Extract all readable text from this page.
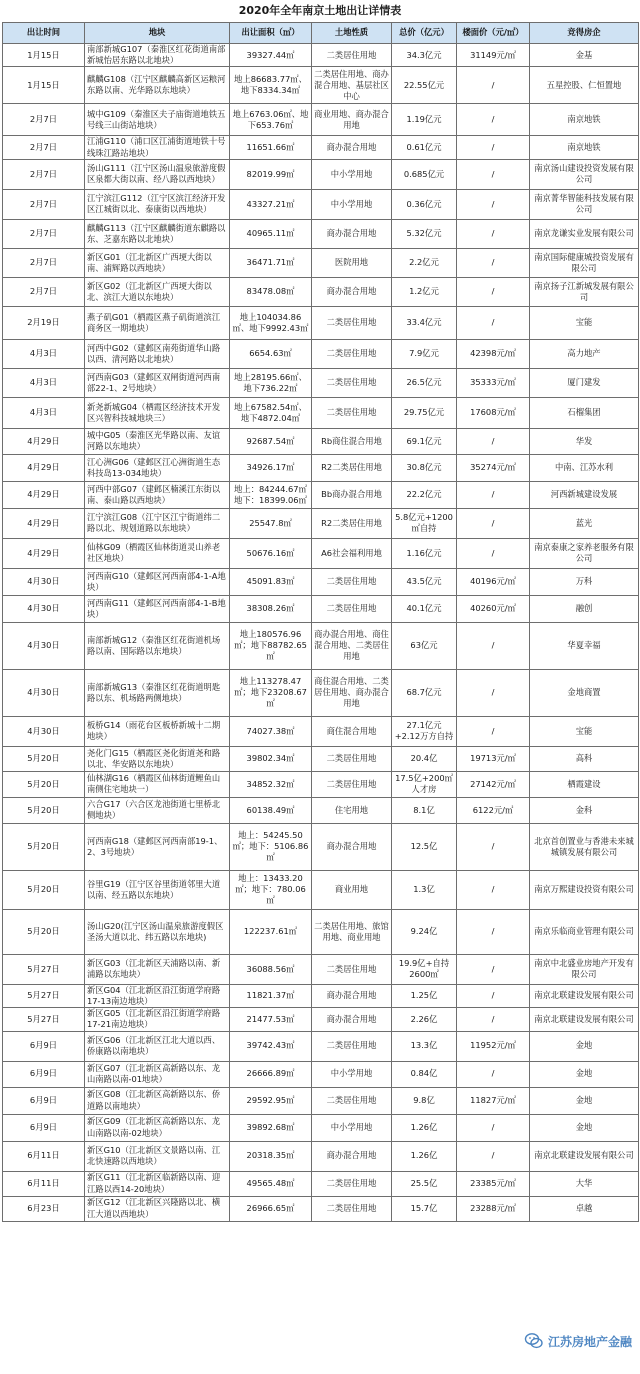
2020年全年南京土地出让详情表
出让时间	地块	出让面积（㎡）	土地性质	总价（亿元）	楼面价（元/㎡）	竞得房企
1月15日	南部新城G107（秦淮区红花街道南部新城怡居东路以北地块）	39327.44㎡	二类居住用地	34.3亿元	31149元/㎡	金基
1月15日	麒麟G108（江宁区麒麟高新区运粮河东路以南、光华路以东地块）	地上86683.77㎡、地下8334.34㎡	二类居住用地、商办混合用地、基层社区中心	22.55亿元	/	五星控股、仁恒置地
2月7日	城中G109（秦淮区夫子庙街道地铁五号线三山街站地块）	地上6763.06㎡、地下653.76㎡	商业用地、商办混合用地	1.19亿元	/	南京地铁
2月7日	江浦G110（浦口区江浦街道地铁十号线珠江路站地块）	11651.66㎡	商办混合用地	0.61亿元	/	南京地铁
2月7日	汤山G111（江宁区汤山温泉旅游度假区泉都大街以南、经八路以西地块）	82019.99㎡	中小学用地	0.685亿元	/	南京汤山建设投资发展有限公司
2月7日	江宁滨江G112（江宁区滨江经济开发区江城街以北、泰康街以西地块）	43327.21㎡	中小学用地	0.36亿元	/	南京菁华智能科技发展有限公司
2月7日	麒麟G113（江宁区麒麟街道东麒路以东、芝嘉东路以北地块）	40965.11㎡	商办混合用地	5.32亿元	/	南京龙谦实业发展有限公司
2月7日	新区G01（江北新区广西埂大街以南、浦辉路以西地块）	36471.71㎡	医院用地	2.2亿元	/	南京国际健康城投资发展有限公司
2月7日	新区G02（江北新区广西埂大街以北、滨江大道以东地块）	83478.08㎡	商办混合用地	1.2亿元	/	南京扬子江新城发展有限公司
2月19日	燕子矶G01（栖霞区燕子矶街道滨江商务区一期地块）	地上104034.86㎡、地下9992.43㎡	二类居住用地	33.4亿元	/	宝能
4月3日	河西中G02（建邺区南苑街道华山路以西、清河路以北地块）	6654.63㎡	二类居住用地	7.9亿元	42398元/㎡	高力地产
4月3日	河西南G03（建邺区双闸街道河西南部22-1、2号地块）	地上28195.66㎡、地下736.22㎡	二类居住用地	26.5亿元	35333元/㎡	厦门建发
4月3日	新尧新城G04（栖霞区经济技术开发区兴智科技城地块三）	地上67582.54㎡、地下4872.04㎡	二类居住用地	29.75亿元	17608元/㎡	石榴集团
4月29日	城中G05（秦淮区光华路以南、友谊河路以东地块）	92687.54㎡	Rb商住混合用地	69.1亿元	/	华发
4月29日	江心洲G06（建邺区江心洲街道生态科技岛13-034地块）	34926.17㎡	R2二类居住用地	30.8亿元	35274元/㎡	中南、江苏水利
4月29日	河西中部G07（建邺区楠溪江东街以南、泰山路以西地块）	地上：84244.67㎡ 地下：18399.06㎡	Bb商办混合用地	22.2亿元	/	河西新城建设发展
4月29日	江宁滨江G08（江宁区江宁街道纬二路以北、规划道路以东地块）	25547.8㎡	R2二类居住用地	5.8亿元+1200㎡自持	/	蓝光
4月29日	仙林G09（栖霞区仙林街道灵山养老社区地块）	50676.16㎡	A6社会福利用地	1.16亿元	/	南京泰康之家养老服务有限公司
4月30日	河西南G10（建邺区河西南部4-1-A地块）	45091.83㎡	二类居住用地	43.5亿元	40196元/㎡	万科
4月30日	河西南G11（建邺区河西南部4-1-B地块）	38308.26㎡	二类居住用地	40.1亿元	40260元/㎡	融创
4月30日	南部新城G12（秦淮区红花街道机场路以南、国际路以东地块）	地上180576.96㎡；地下88782.65㎡	商办混合用地、商住混合用地、二类居住用地	63亿元	/	华夏幸福
4月30日	南部新城G13（秦淮区红花街道明匙路以东、机场路两侧地块）	地上113278.47㎡；地下23208.67㎡	商住混合用地、二类居住用地、商办混合用地	68.7亿元	/	金地商置
4月30日	板桥G14（雨花台区板桥新城十二期地块）	74027.38㎡	商住混合用地	27.1亿元+2.12万方自持	/	宝能
5月20日	尧化门G15（栖霞区尧化街道尧和路以北、华安路以东地块）	39802.34㎡	二类居住用地	20.4亿	19713元/㎡	高科
5月20日	仙林湖G16（栖霞区仙林街道鲤鱼山南侧住宅地块一）	34852.32㎡	二类居住用地	17.5亿+200㎡人才房	27142元/㎡	栖霞建设
5月20日	六合G17（六合区龙池街道七里桥北侧地块）	60138.49㎡	住宅用地	8.1亿	6122元/㎡	金科
5月20日	河西南G18（建邺区河西南部19-1、2、3号地块）	地上：54245.50㎡；地下：5106.86㎡	商办混合用地	12.5亿	/	北京首创置业与香港未来城城镇发展有限公司
5月20日	谷里G19（江宁区谷里街道邻里大道以南、经五路以东地块）	地上：13433.20㎡；地下：780.06㎡	商业用地	1.3亿	/	南京万熙建设投资有限公司
5月20日	汤山G20(江宁区汤山温泉旅游度假区圣汤大道以北、纬五路以东地块)	122237.61㎡	二类居住用地、旅馆用地、商业用地	9.24亿	/	南京乐临商业管理有限公司
5月27日	新区G03（江北新区天浦路以南、新浦路以东地块）	36088.56㎡	二类居住用地	19.9亿+自持2600㎡	/	南京中北盛业房地产开发有限公司
5月27日	新区G04（江北新区沿江街道学府路17-13南边地块）	11821.37㎡	商办混合用地	1.25亿	/	南京北联建设发展有限公司
5月27日	新区G05（江北新区沿江街道学府路17-21南边地块）	21477.53㎡	商办混合用地	2.26亿	/	南京北联建设发展有限公司
6月9日	新区G06（江北新区江北大道以西、侨康路以南地块）	39742.43㎡	二类居住用地	13.3亿	11952元/㎡	金地
6月9日	新区G07（江北新区高新路以东、龙山南路以南-01地块）	26666.89㎡	中小学用地	0.84亿	/	金地
6月9日	新区G08（江北新区高新路以东、侨道路以南地块）	29592.95㎡	二类居住用地	9.8亿	11827元/㎡	金地
6月9日	新区G09（江北新区高新路以东、龙山南路以南-02地块）	39892.68㎡	中小学用地	1.26亿	/	金地
6月11日	新区G10（江北新区文景路以南、江北快速路以西地块）	20318.35㎡	商办混合用地	1.26亿	/	南京北联建设发展有限公司
6月11日	新区G11（江北新区临新路以南、迎江路以西14-20地块）	49565.48㎡	二类居住用地	25.5亿	23385元/㎡	大华
6月23日	新区G12（江北新区兴隆路以北、横江大道以西地块）	26966.65㎡	二类居住用地	15.7亿	23288元/㎡	卓越
江苏房地产金融
